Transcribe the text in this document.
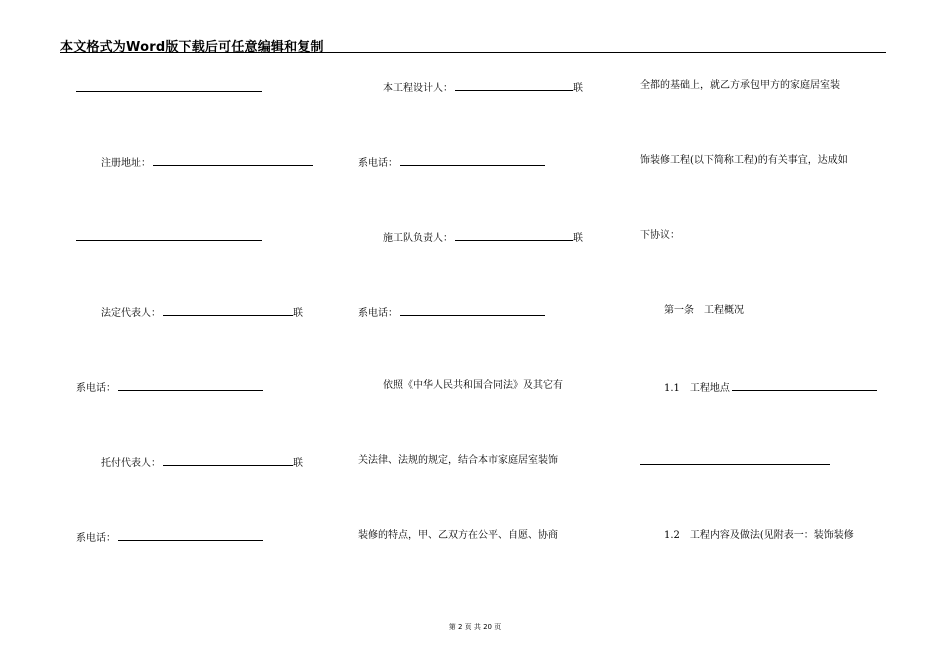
本文格式为Word版下载后可任意编辑和复制
注册地址：
法定代表人：	联
系电话：
托付代表人：	联
系电话：
本工程设计人：	联
系电话：
施工队负责人：	联
系电话：
依照《中华人民共和国合同法》及其它有
关法律、法规的规定，结合本市家庭居室装饰
装修的特点，甲、乙双方在公平、自愿、协商
全都的基础上，就乙方承包甲方的家庭居室装
饰装修工程(以下简称工程)的有关事宜，达成如
下协议：
第一条　工程概况
1.1　工程地点
1.2　工程内容及做法(见附表一：装饰装修
第 2 页 共 20 页
